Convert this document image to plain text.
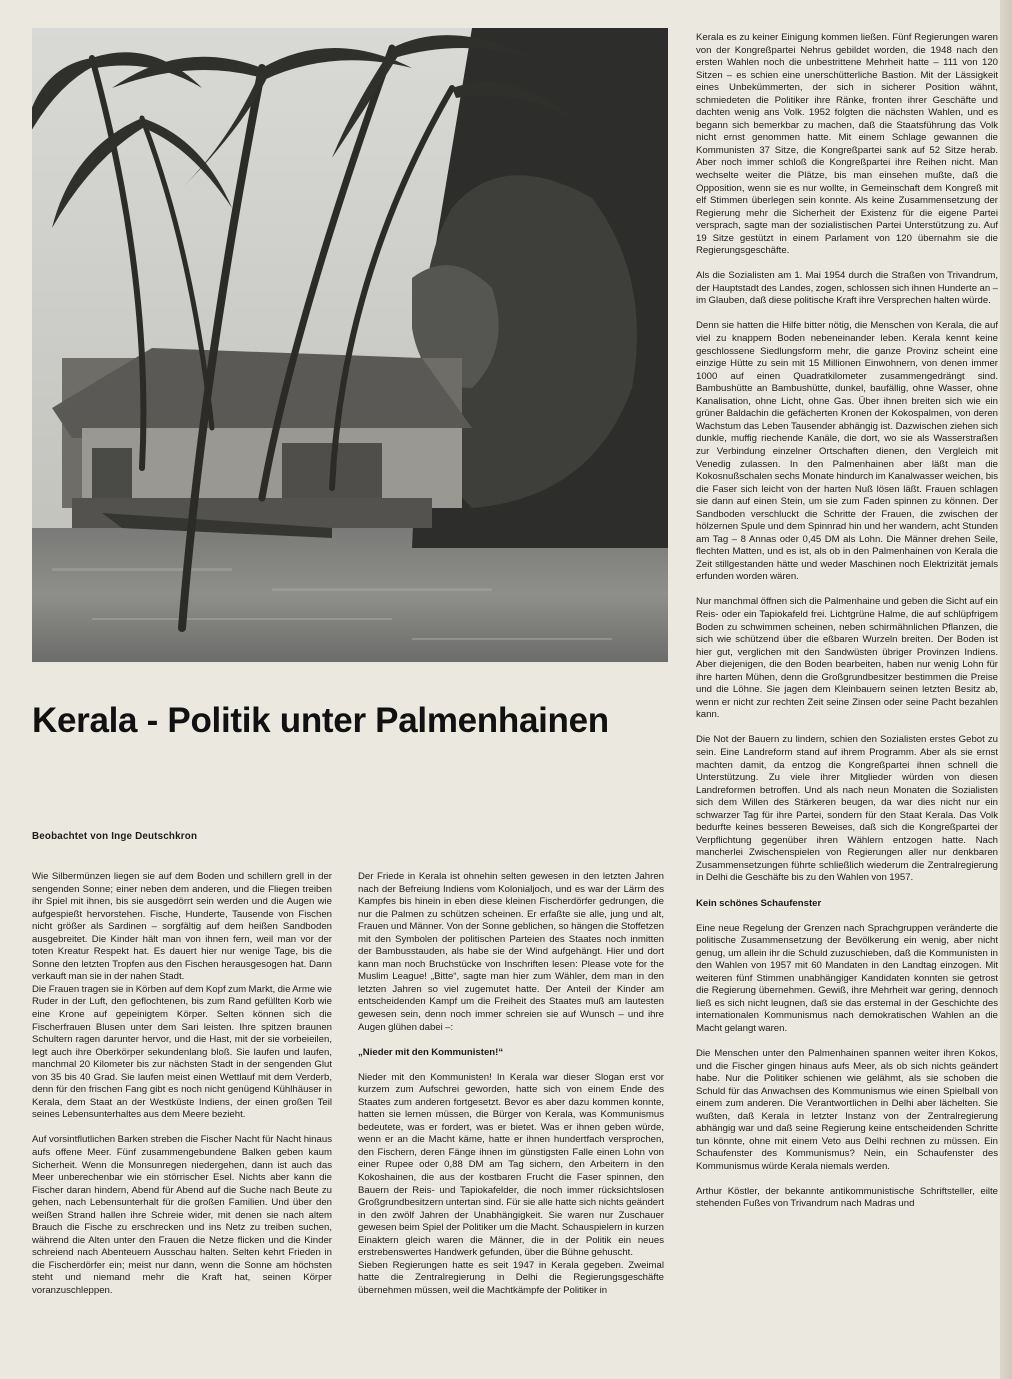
Kerala es zu keiner Einigung kommen ließen. Fünf Regierungen waren von der Kongreßpartei Nehrus gebildet worden, die 1948 nach den ersten Wahlen noch die unbestrittene Mehrheit hatte – 111 von 120 Sitzen – es schien eine unerschütterliche Bastion. Mit der Lässigkeit eines Unbekümmerten, der sich in sicherer Position wähnt, schmiedeten die Politiker ihre Ränke, fronten ihrer Geschäfte und dachten wenig ans Volk. 1952 folgten die nächsten Wahlen, und es begann sich bemerkbar zu machen, daß die Staatsführung das Volk nicht ernst genommen hatte. Mit einem Schlage gewannen die Kommunisten 37 Sitze, die Kongreßpartei sank auf 52 Sitze herab. Aber noch immer schloß die Kongreßpartei ihre Reihen nicht. Man wechselte weiter die Plätze, bis man einsehen mußte, daß die Opposition, wenn sie es nur wollte, in Gemeinschaft dem Kongreß mit elf Stimmen überlegen sein konnte. Als keine Zusammensetzung der Regierung mehr die Sicherheit der Existenz für die eigene Partei versprach, sagte man der sozialistischen Partei Unterstützung zu. Auf 19 Sitze gestützt in einem Parlament von 120 übernahm sie die Regierungsgeschäfte.

Als die Sozialisten am 1. Mai 1954 durch die Straßen von Trivandrum, der Hauptstadt des Landes, zogen, schlossen sich ihnen Hunderte an – im Glauben, daß diese politische Kraft ihre Versprechen halten würde.

Denn sie hatten die Hilfe bitter nötig, die Menschen von Kerala, die auf viel zu knappem Boden nebeneinander leben. Kerala kennt keine geschlossene Siedlungsform mehr, die ganze Provinz scheint eine einzige Hütte zu sein mit 15 Millionen Einwohnern, von denen immer 1000 auf einen Quadratkilometer zusammengedrängt sind. Bambushütte an Bambushütte, dunkel, baufällig, ohne Wasser, ohne Kanalisation, ohne Licht, ohne Gas. Über ihnen breiten sich wie ein grüner Baldachin die gefächerten Kronen der Kokospalmen, von deren Wachstum das Leben Tausender abhängig ist. Dazwischen ziehen sich dunkle, muffig riechende Kanäle, die dort, wo sie als Wasserstraßen zur Verbindung einzelner Ortschaften dienen, den Vergleich mit Venedig zulassen. In den Palmenhainen aber läßt man die Kokosnußschalen sechs Monate hindurch im Kanalwasser weichen, bis die Faser sich leicht von der harten Nuß lösen läßt. Frauen schlagen sie dann auf einen Stein, um sie zum Faden spinnen zu können. Der Sandboden verschluckt die Schritte der Frauen, die zwischen der hölzernen Spule und dem Spinnrad hin und her wandern, acht Stunden am Tag – 8 Annas oder 0,45 DM als Lohn. Die Männer drehen Seile, flechten Matten, und es ist, als ob in den Palmenhainen von Kerala die Zeit stillgestanden hätte und weder Maschinen noch Elektrizität jemals erfunden worden wären.

Nur manchmal öffnen sich die Palmenhaine und geben die Sicht auf ein Reis- oder ein Tapiokafeld frei. Lichtgrüne Halme, die auf schlüpfrigem Boden zu schwimmen scheinen, neben schirmähnlichen Pflanzen, die sich wie schützend über die eßbaren Wurzeln breiten. Der Boden ist hier gut, verglichen mit den Sandwüsten übriger Provinzen Indiens. Aber diejenigen, die den Boden bearbeiten, haben nur wenig Lohn für ihre harten Mühen, denn die Großgrundbesitzer bestimmen die Preise und die Löhne. Sie jagen dem Kleinbauern seinen letzten Besitz ab, wenn er nicht zur rechten Zeit seine Zinsen oder seine Pacht bezahlen kann.

Die Not der Bauern zu lindern, schien den Sozialisten erstes Gebot zu sein. Eine Landreform stand auf ihrem Programm. Aber als sie ernst machten damit, da entzog die Kongreßpartei ihnen schnell die Unterstützung. Zu viele ihrer Mitglieder würden von diesen Landreformen betroffen. Und als nach neun Monaten die Sozialisten sich dem Willen des Stärkeren beugen, da war dies nicht nur ein schwarzer Tag für ihre Partei, sondern für den Staat Kerala. Das Volk bedurfte keines besseren Beweises, daß sich die Kongreßpartei der Verpflichtung gegenüber ihren Wählern entzogen hatte. Nach mancherlei Zwischenspielen von Regierungen aller nur denkbaren Zusammensetzungen führte schließlich wiederum die Zentralregierung in Delhi die Geschäfte bis zu den Wahlen von 1957.

Kein schönes Schaufenster

Eine neue Regelung der Grenzen nach Sprachgruppen veränderte die politische Zusammensetzung der Bevölkerung ein wenig, aber nicht genug, um allein ihr die Schuld zuzuschieben, daß die Kommunisten in den Wahlen von 1957 mit 60 Mandaten in den Landtag einzogen. Mit weiteren fünf Stimmen unabhängiger Kandidaten konnten sie getrost die Regierung übernehmen. Gewiß, ihre Mehrheit war gering, dennoch ließ es sich nicht leugnen, daß sie das erstemal in der Geschichte des internationalen Kommunismus nach demokratischen Wahlen an die Macht gelangt waren.

Die Menschen unter den Palmenhainen spannen weiter ihren Kokos, und die Fischer gingen hinaus aufs Meer, als ob sich nichts geändert habe. Nur die Politiker schienen wie gelähmt, als sie schoben die Schuld für das Anwachsen des Kommunismus wie einen Spielball von einem zum anderen. Die Verantwortlichen in Delhi aber lächelten. Sie wußten, daß Kerala in letzter Instanz von der Zentralregierung abhängig war und daß seine Regierung keine entscheidenden Schritte tun könnte, ohne mit einem Veto aus Delhi rechnen zu müssen. Ein Schaufenster des Kommunismus? Nein, ein Schaufenster des Kommunismus würde Kerala niemals werden.

Arthur Köstler, der bekannte antikommunistische Schriftsteller, eilte stehenden Fußes von Trivandrum nach Madras und

Kerala - Politik unter Palmenhainen
Beobachtet von Inge Deutschkron

Wie Silbermünzen liegen sie auf dem Boden und schillern grell in der sengenden Sonne; einer neben dem anderen, und die Fliegen treiben ihr Spiel mit ihnen, bis sie ausgedörrt sein werden und die Augen wie aufgespießt hervorstehen. Fische, Hunderte, Tausende von Fischen nicht größer als Sardinen – sorgfältig auf dem heißen Sandboden ausgebreitet. Die Kinder hält man von ihnen fern, weil man vor der toten Kreatur Respekt hat. Es dauert hier nur wenige Tage, bis die Sonne den letzten Tropfen aus den Fischen herausgesogen hat. Dann verkauft man sie in der nahen Stadt.

Die Frauen tragen sie in Körben auf dem Kopf zum Markt, die Arme wie Ruder in der Luft, den geflochtenen, bis zum Rand gefüllten Korb wie eine Krone auf gepeinigtem Körper. Selten können sich die Fischerfrauen Blusen unter dem Sari leisten. Ihre spitzen braunen Schultern ragen darunter hervor, und die Hast, mit der sie vorbeieilen, legt auch ihre Oberkörper sekundenlang bloß. Sie laufen und laufen, manchmal 20 Kilometer bis zur nächsten Stadt in der sengenden Glut von 35 bis 40 Grad. Sie laufen meist einen Wettlauf mit dem Verderb, denn für den frischen Fang gibt es noch nicht genügend Kühlhäuser in Kerala, dem Staat an der Westküste Indiens, der einen großen Teil seines Lebensunterhaltes aus dem Meere bezieht.

Auf vorsintflutlichen Barken streben die Fischer Nacht für Nacht hinaus aufs offene Meer. Fünf zusammengebundene Balken geben kaum Sicherheit. Wenn die Monsunregen niedergehen, dann ist auch das Meer unberechenbar wie ein störrischer Esel. Nichts aber kann die Fischer daran hindern, Abend für Abend auf die Suche nach Beute zu gehen, nach Lebensunterhalt für die großen Familien. Und über den weißen Strand hallen ihre Schreie wider, mit denen sie nach altem Brauch die Fische zu erschrecken und ins Netz zu treiben suchen, während die Alten unter den Frauen die Netze flicken und die Kinder schreiend nach Abenteuern Ausschau halten. Selten kehrt Frieden in die Fischerdörfer ein; meist nur dann, wenn die Sonne am höchsten steht und niemand mehr die Kraft hat, seinen Körper voranzuschleppen.

Der Friede in Kerala ist ohnehin selten gewesen in den letzten Jahren nach der Befreiung Indiens vom Kolonialjoch, und es war der Lärm des Kampfes bis hinein in eben diese kleinen Fischerdörfer gedrungen, die nur die Palmen zu schützen scheinen. Er erfaßte sie alle, jung und alt, Frauen und Männer. Von der Sonne geblichen, so hängen die Stoffetzen mit den Symbolen der politischen Parteien des Staates noch inmitten der Bambusstauden, als habe sie der Wind aufgehängt. Hier und dort kann man noch Bruchstücke von Inschriften lesen: Please vote for the Muslim League! „Bitte“, sagte man hier zum Wähler, dem man in den letzten Jahren so viel zugemutet hatte. Der Anteil der Kinder am entscheidenden Kampf um die Freiheit des Staates muß am lautesten gewesen sein, denn noch immer schreien sie auf Wunsch – und ihre Augen glühen dabei –:

„Nieder mit den Kommunisten!“

Nieder mit den Kommunisten! In Kerala war dieser Slogan erst vor kurzem zum Aufschrei geworden, hatte sich von einem Ende des Staates zum anderen fortgesetzt. Bevor es aber dazu kommen konnte, hatten sie lernen müssen, die Bürger von Kerala, was Kommunismus bedeutete, was er fordert, was er bietet. Was er ihnen geben würde, wenn er an die Macht käme, hatte er ihnen hundertfach versprochen, den Fischern, deren Fänge ihnen im günstigsten Falle einen Lohn von einer Rupee oder 0,88 DM am Tag sichern, den Arbeitern in den Kokoshainen, die aus der kostbaren Frucht die Faser spinnen, den Bauern der Reis- und Tapiokafelder, die noch immer rücksichtslosen Großgrundbesitzern untertan sind. Für sie alle hatte sich nichts geändert in den zwölf Jahren der Unabhängigkeit. Sie waren nur Zuschauer gewesen beim Spiel der Politiker um die Macht. Schauspielern in kurzen Einaktern gleich waren die Männer, die in der Politik ein neues erstrebenswertes Handwerk gefunden, über die Bühne gehuscht.

Sieben Regierungen hatte es seit 1947 in Kerala gegeben. Zweimal hatte die Zentralregierung in Delhi die Regierungsgeschäfte übernehmen müssen, weil die Machtkämpfe der Politiker in
